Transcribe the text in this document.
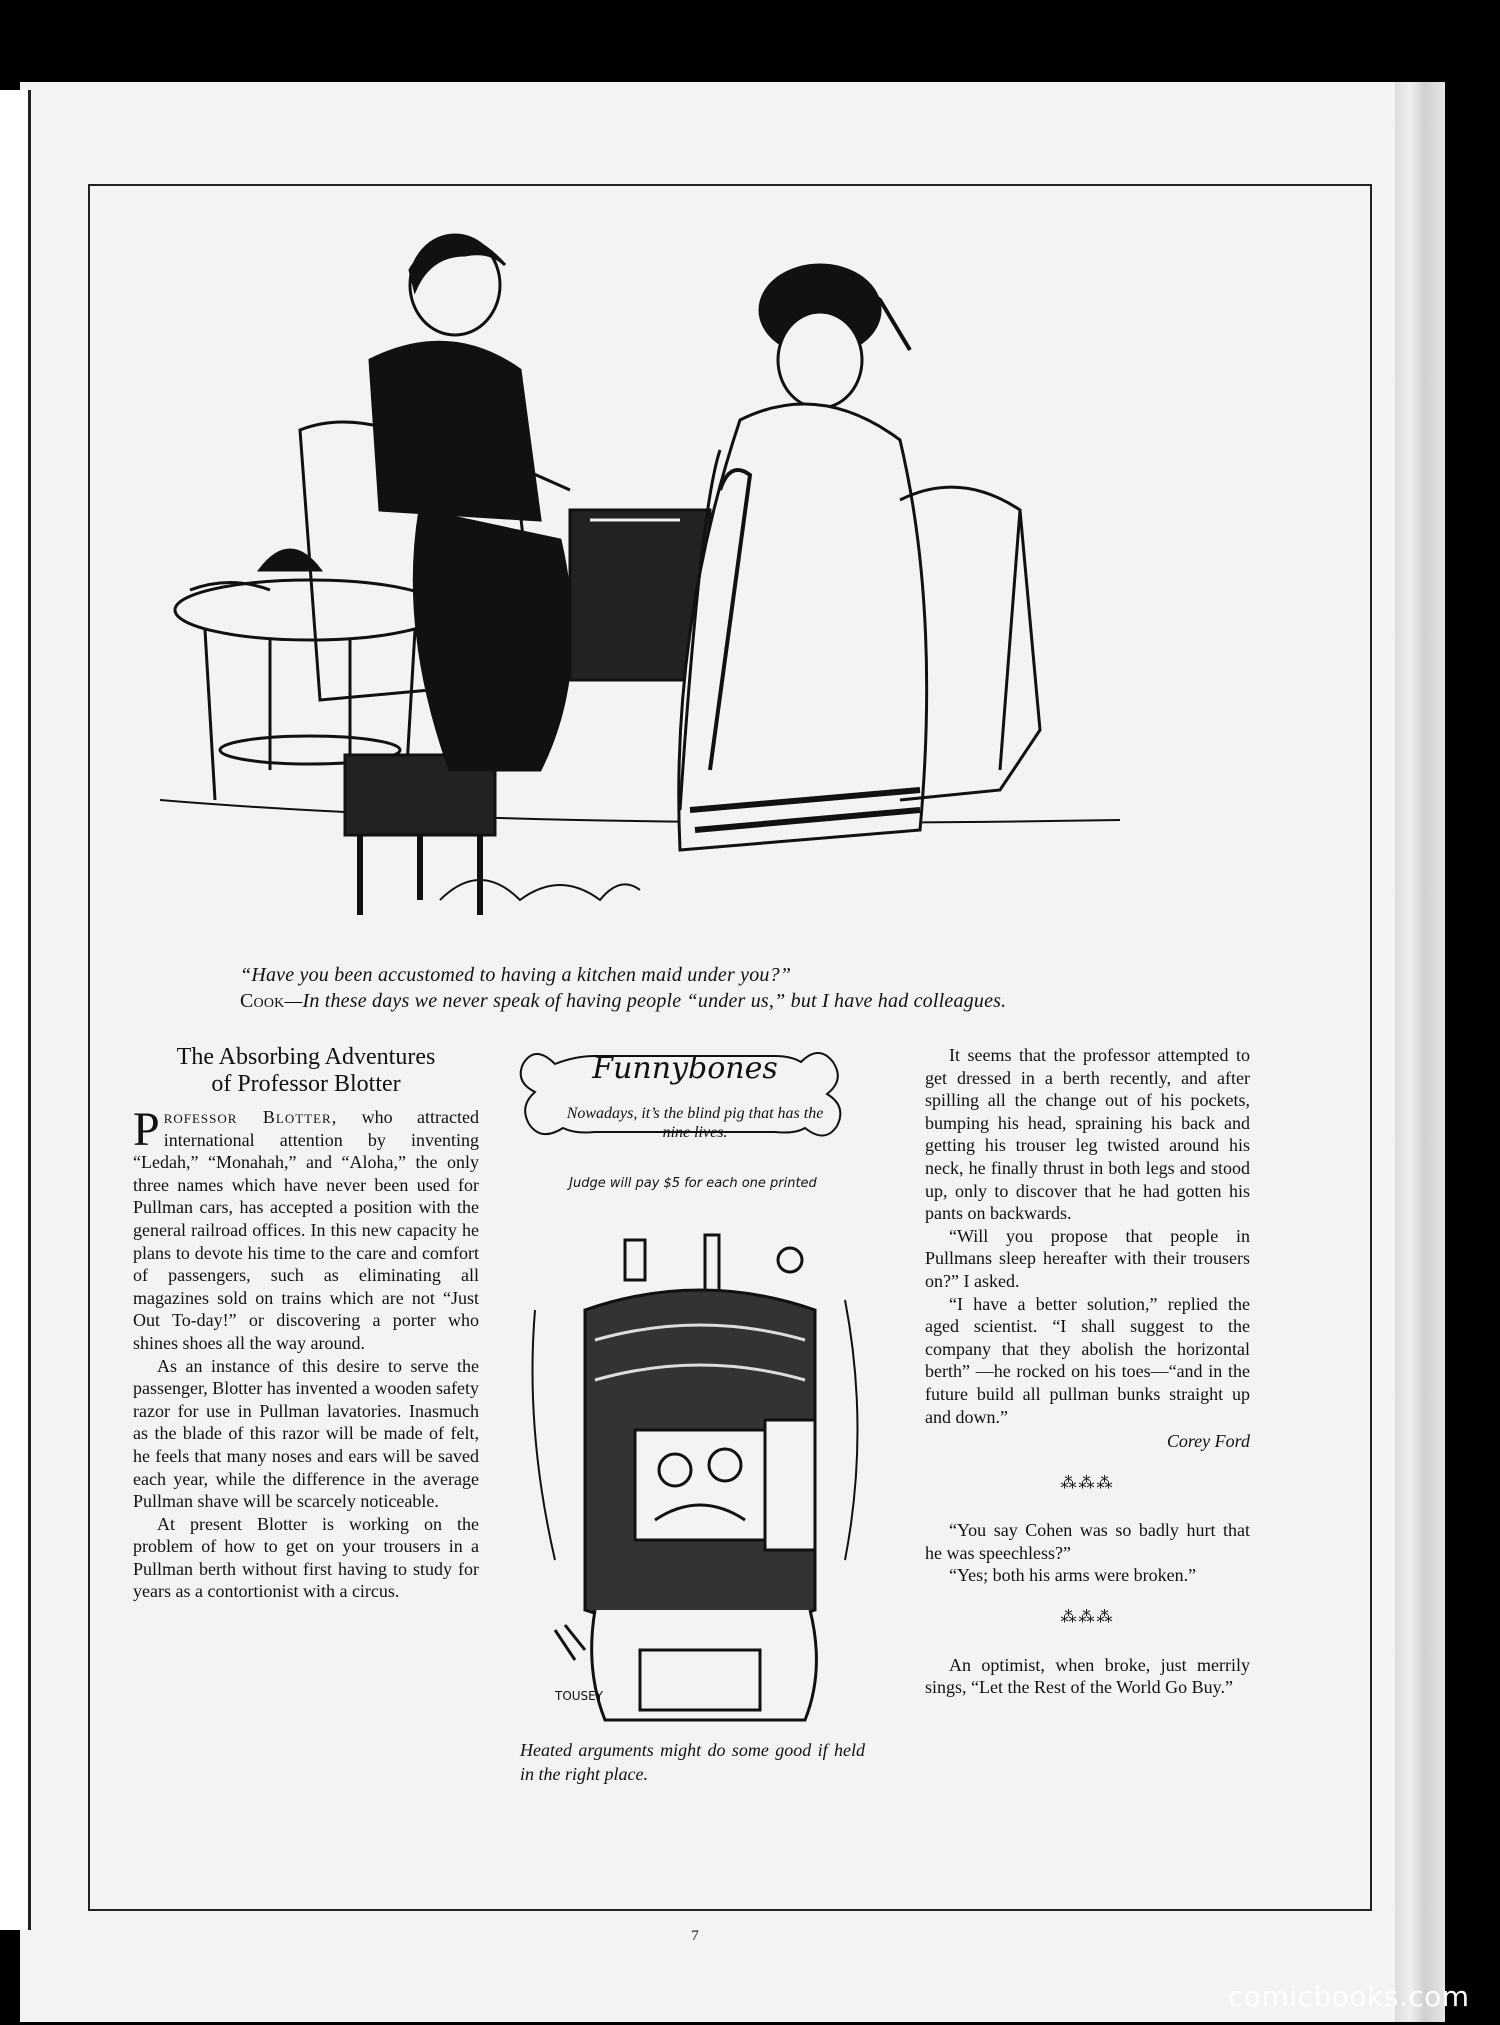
“Have you been accustomed to having a kitchen maid under you?”
Cook—In these days we never speak of having people “under us,” but I have had colleagues.
The Absorbing Adventures
of Professor Blotter

Professor Blotter, who attracted international attention by inventing “Ledah,” “Monahah,” and “Aloha,” the only three names which have never been used for Pullman cars, has accepted a position with the general railroad offices. In this new capacity he plans to devote his time to the care and comfort of passengers, such as eliminating all magazines sold on trains which are not “Just Out To-day!” or discovering a porter who shines shoes all the way around.

As an instance of this desire to serve the passenger, Blotter has invented a wooden safety razor for use in Pullman lavatories. Inasmuch as the blade of this razor will be made of felt, he feels that many noses and ears will be saved each year, while the difference in the average Pullman shave will be scarcely noticeable.

At present Blotter is working on the problem of how to get on your trousers in a Pullman berth without first having to study for years as a contortionist with a circus.

Funnybones
Nowadays, it’s the blind pig that has the nine lives.
Judge will pay $5 for each one printed
TOUSEY
Heated arguments might do some good if held in the right place.

It seems that the professor attempted to get dressed in a berth recently, and after spilling all the change out of his pockets, bumping his head, spraining his back and getting his trouser leg twisted around his neck, he finally thrust in both legs and stood up, only to discover that he had gotten his pants on backwards.

“Will you propose that people in Pullmans sleep hereafter with their trousers on?” I asked.

“I have a better solution,” replied the aged scientist. “I shall suggest to the company that they abolish the horizontal berth” —he rocked on his toes—“and in the future build all pullman bunks straight up and down.”

Corey Ford
⁂⁂⁂

“You say Cohen was so badly hurt that he was speechless?”

“Yes; both his arms were broken.”

⁂⁂⁂

An optimist, when broke, just merrily sings, “Let the Rest of the World Go Buy.”

7
comicbooks.com
